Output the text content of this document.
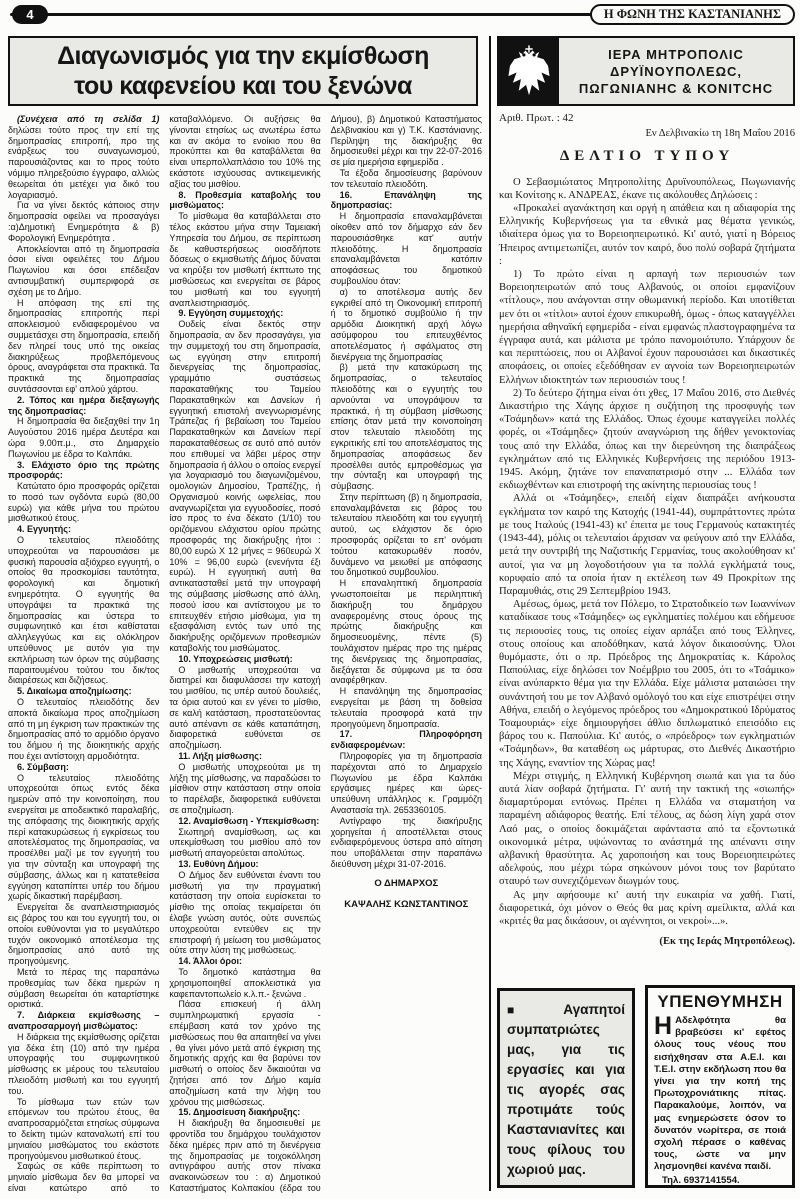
4	Η ΦΩΝΗ ΤΗΣ ΚΑΣΤΑΝΙΑΝΗΣ
Διαγωνισμός για την εκμίσθωση
του καφενείου και του ξενώνα
ΙΕΡΑ ΜΗΤΡΟΠΟΛΙC
ΔΡΥΪΝΟΥΠΟΛΕΩC,
ΠΩΓΩΝΙΑΝΗC & ΚΟΝΙΤCΗC

(Συνέχεια από τη σελίδα 1) δηλώσει τούτο προς την επί της δημοπρασίας επιτροπή, προ της ενάρξεως του συναγωνισμού, παρουσιάζοντας και το προς τούτο νόμιμο πληρεξούσιο έγγραφο, αλλιώς θεωρείται ότι μετέχει για δικό του λογαριασμό.

Για να γίνει δεκτός κάποιος στην δημοπρασία οφείλει να προσαγάγει :α)Δημοτική Ενημερότητα & β) Φορολογική Ενημερότητα .

Αποκλείονται από τη δημοπρασία όσοι είναι οφειλέτες του Δήμου Πωγωνίου και όσοι επέδειξαν αντισυμβατική συμπεριφορά σε σχέση με το Δήμο.

Η απόφαση της επί της δημοπρασίας επιτροπής περί αποκλεισμού ενδιαφερομένου να συμμετάσχει στη δημοπρασία, επειδή δεν πληρεί τους υπό της οικείας διακηρύξεως προβλεπόμενους όρους, αναγράφεται στα πρακτικά. Τα πρακτικά της δημοπρασίας συντάσσονται εφ' απλού χάρτου.

2. Τόπος και ημέρα διεξαγωγής της δημοπρασίας:

Η δημοπρασία θα διεξαχθεί την 1η Αυγούστου 2016 ημέρα Δευτέρα και ώρα 9.00π.μ., στο Δημαρχείο Πωγωνίου με έδρα το Καλπάκι.

3. Ελάχιστο όριο της πρώτης προσφοράς:

Κατώτατο όριο προσφοράς ορίζεται το ποσό των ογδόντα ευρώ (80,00 ευρώ) για κάθε μήνα του πρώτου μισθωτικού έτους.

4. Εγγυητής:

Ο τελευταίος πλειοδότης υποχρεούται να παρουσιάσει με φυσική παρουσία αξιόχρεο εγγυητή, ο οποίος θα προσκομίσει ταυτότητα, φορολογική και δημοτική ενημερότητα. Ο εγγυητής θα υπογράψει τα πρακτικά της δημοπρασίας και ύστερα το συμφωνητικό και έτσι καθίσταται αλληλεγγύως και εις ολόκληρον υπεύθυνος με αυτόν για την εκπλήρωση των όρων της σύμβασης παραιτουμένου τούτου του δικ/τος διαιρέσεως και διζήσεως.

5. Δικαίωμα αποζημίωσης:

Ο τελευταίος πλειοδότης δεν αποκτά δικαίωμα προς αποζημίωση από τη μη έγκριση των πρακτικών της δημοπρασίας από το αρμόδιο όργανο του δήμου ή της διοικητικής αρχής που έχει αντίστοιχη αρμοδιότητα.

6. Σύμβαση:

Ο τελευταίος πλειοδότης υποχρεούται όπως εντός δέκα ημερών από την κοινοποίηση, που ενεργείται με αποδεικτικό παραλαβής, της απόφασης της διοικητικής αρχής περί κατακυρώσεως ή εγκρίσεως του αποτελέσματος της δημοπρασίας, να προσέλθει μαζί με τον εγγυητή του για την σύνταξη και υπογραφή της σύμβασης, άλλως και η κατατεθείσα εγγύηση καταπίπτει υπέρ του δήμου χωρίς δικαστική παρέμβαση.

Ενεργείται δε αναπλειστηριασμός εις βάρος του και του εγγυητή του, οι οποίοι ευθύνονται για το μεγαλύτερο τυχόν οικονομικό αποτέλεσμα της δημοπρασίας από αυτό της προηγούμενης.

Μετά το πέρας της παραπάνω προθεσμίας των δέκα ημερών η σύμβαση θεωρείται ότι καταρτίστηκε οριστικά.

7. Διάρκεια εκμίσθωσης – αναπροσαρμογή μισθώματος:

Η διάρκεια της εκμίσθωσης ορίζεται για δέκα έτη (10) από την ημέρα υπογραφής του συμφωνητικού μίσθωσης εκ μέρους του τελευταίου πλειοδότη μισθωτή και του εγγυητή του.

Το μίσθωμα των ετών των επόμενων του πρώτου έτους, θα αναπροσαρμόζεται ετησίως σύμφωνα το δείκτη τιμών καταναλωτή επί του μηνιαίου μισθώματος του εκάστοτε προηγούμενου μισθωτικού έτους.

Σαφώς σε κάθε περίπτωση το μηνιαίο μίσθωμα δεν θα μπορεί να είναι κατώτερο από το καταβαλλόμενο. Οι αυξήσεις θα γίνονται ετησίως ως ανωτέρω έστω και αν ακόμα το ενοίκιο που θα προκύπτει και θα καταβάλλεται θα είναι υπερπολλαπλάσιο του 10% της εκάστοτε ισχύουσας αντικειμενικής αξίας του μισθίου.

8. Προθεσμία καταβολής του μισθώματος:

Το μίσθωμα θα καταβάλλεται στο τέλος εκάστου μήνα στην Ταμειακή Υπηρεσία του Δήμου, σε περίπτωση δε καθυστερήσεως οιοσδήποτε δόσεως ο εκμισθωτής Δήμος δύναται να κηρύξει τον μισθωτή έκπτωτο της μισθώσεως και ενεργείται σε βάρος του μισθωτή και του εγγυητή αναπλειστηριασμός.

9. Εγγύηση συμμετοχής:

Ουδείς είναι δεκτός στην δημοπρασία, αν δεν προσαγάγει, για την συμμετοχή του στη δημοπρασία, ως εγγύηση στην επιτροπή διενεργείας της δημοπρασίας, γραμμάτιο συστάσεως παρακαταθήκης του Ταμείου Παρακαταθηκών και Δανείων ή εγγυητική επιστολή ανεγνωρισμένης Τράπεζας ή βεβαίωση του Ταμείου Παρακαταθηκών και Δανείων περί παρακαταθέσεως σε αυτό από αυτόν που επιθυμεί να λάβει μέρος στην δημοπρασία ή άλλου ο οποίος ενεργεί για λογαριασμό του διαγωνιζομένου, ομολογιών Δημοσίου, Τραπέζης, ή Οργανισμού κοινής ωφελείας, που αναγνωρίζεται για εγγυοδοσίες, ποσό ίσο προς το ένα δέκατο (1/10) του οριζόμενου ελάχιστου ορίου πρώτης προσφοράς της διακήρυξης ήτοι : 80,00 ευρώ Χ 12 μήνες = 960ευρώ Χ 10% = 96,00 ευρώ (ενενήντα έξι ευρώ). Η εγγυητική αυτή θα αντικατασταθεί μετά την υπογραφή της σύμβασης μίσθωσης από άλλη, ποσού ίσου και αντίστοιχου με το επιτευχθέν ετήσιο μίσθωμα, για τη εξασφάλιση εντός των υπό της διακήρυξης οριζόμενων προθεσμιών καταβολής του μισθώματος.

10. Υποχρεώσεις μισθωτή:

Ο μισθωτής υποχρεούται να διατηρεί και διαφυλάσσει την κατοχή του μισθίου, τις υπέρ αυτού δουλειές, τα όρια αυτού και εν γένει το μίσθιο, σε καλή κατάσταση, προστατεύοντας αυτό απέναντι σε κάθε καταπάτηση, διαφορετικά ευθύνεται σε αποζημίωση.

11. Λήξη μίσθωσης:

Ο μισθωτής υποχρεούται με τη λήξη της μίσθωσης, να παραδώσει το μίσθιον στην κατάσταση στην οποία το παρέλαβε, διαφορετικά ευθύνεται σε αποζημίωση.

12. Αναμίσθωση - Υπεκμίσθωση:

Σιωπηρή αναμίσθωση, ως και υπεκμίσθωση του μισθίου από τον μισθωτή απαγορεύεται απολύτως.

13. Ευθύνη Δήμου:

Ο Δήμος δεν ευθύνεται έναντι του μισθωτή για την πραγματική κατάσταση την οποία ευρίσκεται το μίσθιο της οποίας τεκμαίρεται ότι έλαβε γνώση αυτός, ούτε συνεπώς υποχρεούται εντεύθεν εις την επιστροφή ή μείωση του μισθώματος ούτε στην λύση της μισθώσεως.

14. Άλλοι όροι:

Το δημοτικό κατάστημα θα χρησιμοποιηθεί αποκλειστικά για καφεπαντοπωλείο κ.λ.π.- ξενώνα .

Πάσα επισκευή ή άλλη συμπληρωματική εργασία - επέμβαση κατά τον χρόνο της μισθώσεως που θα απαιτηθεί να γίνει , θα γίνει μόνο μετά από έγκριση της δημοτικής αρχής και θα βαρύνει τον μισθωτή ο οποίος δεν δικαιούται να ζητήσει από τον Δήμο καμία αποζημίωση κατά την λήψη του χρόνου της μισθώσεως.

15. Δημοσίευση διακήρυξης:

Η διακήρυξη θα δημοσιευθεί με φροντίδα του δημάρχου τουλάχιστον δέκα ημέρες πριν από τη διενέργεια της δημοπρασίας με τοιχοκόλληση αντιγράφου αυτής στον πίνακα ανακοινώσεων του : α) Δημοτικού Καταστήματος Κολπακίου (έδρα του Δήμου), β) Δημοτικού Καταστήματος Δελβινακίου και γ) Τ.Κ. Καστάνιανης. Περίληψη της διακήρυξης θα δημοσιευθεί μέχρι και την 22-07-2016 σε μία ημερήσια εφημερίδα .

Τα έξοδα δημοσίευσης βαρύνουν τον τελευταίο πλειοδότη.

16. Επανάληψη της δημοπρασίας:

Η δημοπρασία επαναλαμβάνεται οίκοθεν από τον δήμαρχο εάν δεν παρουσιάσθηκε κατ' αυτήν πλειοδότης. Η δημοπρασία επαναλαμβάνεται κατόπιν αποφάσεως του δημοτικού συμβουλίου όταν:

α) το αποτέλεσμα αυτής δεν εγκριθεί από τη Οικονομική επιτροπή ή το δημοτικό συμβούλιο ή την αρμόδια Διοικητική αρχή λόγω ασύμφορου του επιτευχθέντος αποτελέσματος ή σφάλματος στη διενέργεια της δημοπρασίας

β) μετά την κατακύρωση της δημοπρασίας, ο τελευταίος πλειοδότης και ο εγγυητής του αρνούνται να υπογράψουν τα πρακτικά, ή τη σύμβαση μίσθωσης επίσης όταν μετά την κοινοποίηση στον τελευταίο πλειοδότη της εγκριτικής επί του αποτελέσματος της δημοπρασίας αποφάσεως δεν προσέλθει αυτός εμπροθέσμως για την σύνταξη και υπογραφή της σύμβασης.

Στην περίπτωση (β) η δημοπρασία, επαναλαμβάνεται εις βάρος του τελευταίου πλειοδότη και του εγγυητή αυτού, ως ελάχιστον δε όριο προσφοράς ορίζεται το επ' ονόματι τούτου κατακυρωθέν ποσόν, δυνάμενο να μειωθεί με απόφασης του δημοτικού συμβουλίου.

Η επαναληπτική δημοπρασία γνωστοποιείται με περιληπτική διακήρυξη του δημάρχου αναφερομένης στους όρους της πρώτης διακήρυξης και δημοσιευομένης, πέντε (5) τουλάχιστον ημέρας προ της ημέρας της διενέργειας της δημοπρασίας, διεξάγεται δε σύμφωνα με τα όσα αναφέρθηκαν.

Η επανάληψη της δημοπρασίας ενεργείται με βάση τη δοθείσα τελευταία προσφορά κατά την προηγούμενη δημοπρασία.

17. Πληροφόρηση ενδιαφερομένων:

Πληροφορίες για τη δημοπρασία παρέχονται από το Δημαρχείο Πωγωνίου με έδρα Καλπάκι εργάσιμες ημέρες και ώρες- υπεύθυνη υπάλληλος κ. Γραμμόζη Αναστασία τηλ. 2653360105.

Αντίγραφο της διακήρυξης χορηγείται ή αποστέλλεται στους ενδιαφερόμενους ύστερα από αίτηση που υποβάλλεται στην παραπάνω διεύθυνση μέχρι 31-07-2016.

Ο ΔΗΜΑΡΧΟΣ

ΚΑΨΑΛΗΣ ΚΩΝΣΤΑΝΤΙΝΟΣ

Αριθ. Πρωτ. : 42

Εν Δελβινακίω τη 18η Μαΐου 2016

ΔΕΛΤΙΟ ΤΥΠΟΥ

Ο Σεβασμιώτατος Μητροπολίτης Δρυϊνουπόλεως, Πωγωνιανής και Κονίτσης κ. ΑΝΔΡΕΑΣ, έκανε τις ακόλουθες Δηλώσεις :

«Προκαλεί αγανάκτηση και οργή η απάθεια και η αδιαφορία της Ελληνικής Κυβερνήσεως για τα εθνικά μας θέματα γενικώς, ιδιαίτερα όμως για το Βορειοηπειρωτικό. Κι' αυτό, γιατί η Βόρειος Ήπειρος αντιμετωπίζει, αυτόν τον καιρό, δυο πολύ σοβαρά ζητήματα :

1) Το πρώτο είναι η αρπαγή των περιουσιών των Βορειοηπειρωτών από τους Αλβανούς, οι οποίοι εμφανίζουν «τίτλους», που ανάγονται στην οθωμανική περίοδο. Και υποτίθεται μεν ότι οι «τίτλοι» αυτοί έχουν επικυρωθή, όμως - όπως καταγγέλλει ημερήσια αθηναϊκή εφημερίδα - είναι εμφανώς πλαστογραφημένα τα έγγραφα αυτά, και μάλιστα με τρόπο πανομοιότυπο. Υπάρχουν δε και περιπτώσεις, που οι Αλβανοί έχουν παρουσιάσει και δικαστικές αποφάσεις, οι οποίες εξεδόθησαν εν αγνοία των Βορειοηπειρωτών Ελλήνων ιδιοκτητών των περιουσιών τους !

2) Το δεύτερο ζήτημα είναι ότι χθες, 17 Μαΐου 2016, στο Διεθνές Δικαστήριο της Χάγης άρχισε η συζήτηση της προσφυγής των «Τσάμηδων» κατά της Ελλάδος. Όπως έχουμε καταγγείλει πολλές φορές, οι «Τσάμηδες» ζητούν αναγνώριση της δήθεν γενοκτονίας τους από την Ελλάδα, όπως και την διερεύνηση της διαπράξεως εγκλημάτων από τις Ελληνικές Κυβερνήσεις της περιόδου 1913-1945. Ακόμη, ζητάνε τον επαναπατρισμό στην ... Ελλάδα των εκδιωχθέντων και επιστροφή της ακίνητης περιουσίας τους !

Αλλά οι «Τσάμηδες», επειδή είχαν διαπράξει ανήκουστα εγκλήματα τον καιρό της Κατοχής (1941-44), συμπράττοντες πρώτα με τους Ιταλούς (1941-43) κι' έπειτα με τους Γερμανούς κατακτητές (1943-44), μόλις οι τελευταίοι άρχισαν να φεύγουν από την Ελλάδα, μετά την συντριβή της Ναζιστικής Γερμανίας, τους ακολούθησαν κι' αυτοί, για να μη λογοδοτήσουν για τα πολλά εγκλήματά τους, κορυφαίο από τα οποία ήταν η εκτέλεση των 49 Προκρίτων της Παραμυθιάς, στις 29 Σεπτεμβρίου 1943.

Αμέσως, όμως, μετά τον Πόλεμο, το Στρατοδικείο των Ιωαννίνων καταδίκασε τους «Τσάμηδες» ως εγκληματίες πολέμου και εδήμευσε τις περιουσίες τους, τις οποίες είχαν αρπάξει από τους Έλληνες, στους οποίους και αποδόθηκαν, κατά λόγον δικαιοσύνης. Όλοι θυμόμαστε, ότι ο πρ. Πρόεδρος της Δημοκρατίας κ. Κάρολος Παπούλιας, είχε δηλώσει τον Νοέμβριο του 2005, ότι το «Τσάμικο» είναι ανύπαρκτο θέμα για την Ελλάδα. Είχε μάλιστα ματαιώσει την συνάντησή του με τον Αλβανό ομόλογό του και είχε επιστρέψει στην Αθήνα, επειδή ο λεγόμενος πρόεδρος του «Δημοκρατικού Ιδρύματος Τσαμουριάς» είχε δημιουργήσει άθλιο διπλωματικό επεισόδιο εις βάρος του κ. Παπούλια. Κι' αυτός, ο «πρόεδρος» των εγκληματιών «Τσάμηδων», θα καταθέση ως μάρτυρας, στο Διεθνές Δικαστήριο της Χάγης, εναντίον της Χώρας μας!

Μέχρι στιγμής, η Ελληνική Κυβέρνηση σιωπά και για τα δύο αυτά λίαν σοβαρά ζητήματα. Γι' αυτή την τακτική της «σιωπής» διαμαρτύρομαι εντόνως. Πρέπει η Ελλάδα να σταματήση να παραμένη αδιάφορος θεατής. Επί τέλους, ας δώση λίγη χαρά στον Λαό μας, ο οποίος δοκιμάζεται αφάνταστα από τα εξοντωτικά οικονομικά μέτρα, υψώνοντας το ανάστημά της απέναντι στην αλβανική θρασύτητα. Ας χαροποιήση και τους Βορειοηπειρώτες αδελφούς, που μέχρι τώρα σηκώνουν μόνοι τους τον βαρύτατο σταυρό των συνεχιζόμενων διωγμών τους.

Ας μην αφήσουμε κι' αυτή την ευκαιρία να χαθή. Γιατί, διαφορετικά, όχι μόνον ο Θεός θα μας κρίνη αμείλικτα, αλλά και «κριτές θα μας δικάσουν, οι αγέννητοι, οι νεκροί»...».

(Εκ της Ιεράς Μητροπόλεως).

■ Αγαπητοί συμπατριώτες μας, για τις εργασίες και για τις αγορές σας προτιμάτε τούς Καστανιανίτες και τους φίλους του χωριού μας.

ΥΠΕΝΘΥΜΗΣΗ

Η Αδελφότητα θα βραβεύσει κι' εφέτος όλους τους νέους που εισήχθησαν στα Α.Ε.Ι. και Τ.Ε.Ι. στην εκδήλωση που θα γίνει για την κοπή της Πρωτοχρονιάτικης πίτας. Παρακαλούμε, λοιπόν, να μας ενημερώσετε όσον το δυνατόν νωρίτερα, σε ποιά σχολή πέρασε ο καθένας τους, ώστε να μην λησμονηθεί κανένα παιδί.

Τηλ. 6937141554.
